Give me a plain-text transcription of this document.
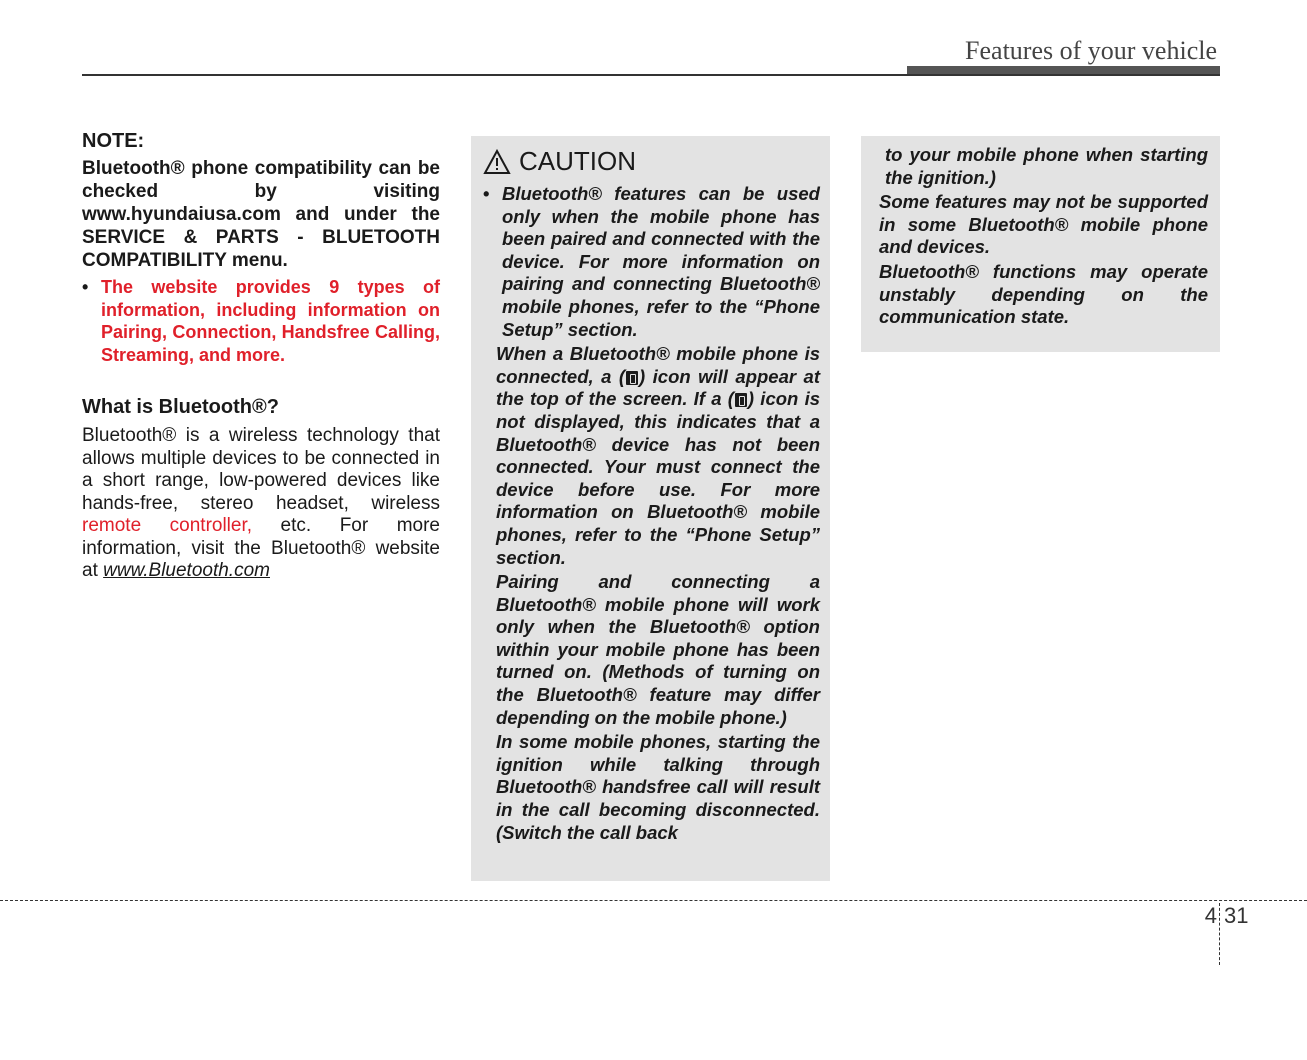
Features of your vehicle

NOTE:

Bluetooth® phone compatibility can be checked by visiting www.hyundaiusa.com and under the SERVICE & PARTS - BLUETOOTH COMPATIBILITY menu.

• The website provides 9 types of information, including information on Pairing, Connection, Handsfree Calling, Streaming, and more.

What is Bluetooth®?

Bluetooth® is a wireless technology that allows multiple devices to be connected in a short range, low-powered devices like hands-free, stereo headset, wireless remote controller, etc. For more information, visit the Bluetooth® website at www.Bluetooth.com

CAUTION

• Bluetooth® features can be used only when the mobile phone has been paired and connected with the device. For more information on pairing and connecting Bluetooth® mobile phones, refer to the “Phone Setup” section.

When a Bluetooth® mobile phone is connected, a ( ) icon will appear at the top of the screen. If a ( ) icon is not displayed, this indicates that a Bluetooth® device has not been connected. Your must connect the device before use. For more information on Bluetooth® mobile phones, refer to the “Phone Setup” section.

Pairing and connecting a Bluetooth® mobile phone will work only when the Bluetooth® option within your mobile phone has been turned on. (Methods of turning on the Bluetooth® feature may differ depending on the mobile phone.)

In some mobile phones, starting the ignition while talking through Bluetooth® handsfree call will result in the call becoming disconnected. (Switch the call back

to your mobile phone when starting the ignition.)

Some features may not be supported in some Bluetooth® mobile phone and devices.

Bluetooth® functions may operate unstably depending on the communication state.

4 31
